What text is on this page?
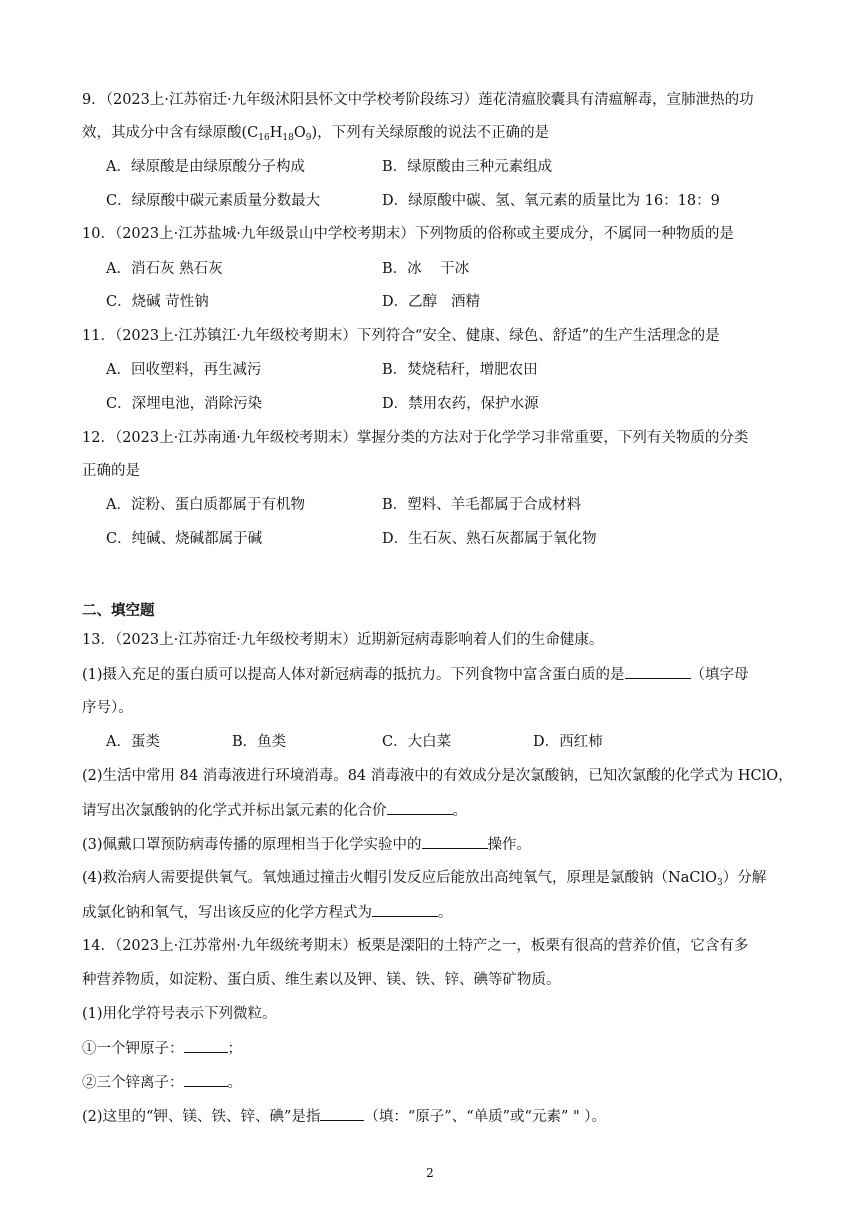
9．（2023上·江苏宿迁·九年级沭阳县怀文中学校考阶段练习）莲花清瘟胶囊具有清瘟解毒，宣肺泄热的功
效，其成分中含有绿原酸$(C_{16}H_{18}O_9)$，下列有关绿原酸的说法不正确的是
A．绿原酸是由绿原酸分子构成	B．绿原酸由三种元素组成
C．绿原酸中碳元素质量分数最大	D．绿原酸中碳、氢、氧元素的质量比为 16：18：9
10．（2023上·江苏盐城·九年级景山中学校考期末）下列物质的俗称或主要成分，不属同一种物质的是
A．消石灰 熟石灰	B．冰    干冰
C．烧碱 苛性钠	D．乙醇   酒精
11．（2023上·江苏镇江·九年级校考期末）下列符合“安全、健康、绿色、舒适”的生产生活理念的是
A．回收塑料，再生减污	B．焚烧秸秆，增肥农田
C．深埋电池，消除污染	D．禁用农药，保护水源
12．（2023上·江苏南通·九年级校考期末）掌握分类的方法对于化学学习非常重要，下列有关物质的分类
正确的是
A．淀粉、蛋白质都属于有机物	B．塑料、羊毛都属于合成材料
C．纯碱、烧碱都属于碱	D．生石灰、熟石灰都属于氧化物
二、填空题
13．（2023上·江苏宿迁·九年级校考期末）近期新冠病毒影响着人们的生命健康。
(1)摄入充足的蛋白质可以提高人体对新冠病毒的抵抗力。下列食物中富含蛋白质的是	（填字母
序号）。
A．蛋类	B．鱼类	C．大白菜	D．西红柿
(2)生活中常用 84 消毒液进行环境消毒。84 消毒液中的有效成分是次氯酸钠，已知次氯酸的化学式为 HClO，
请写出次氯酸钠的化学式并标出氯元素的化合价	。
(3)佩戴口罩预防病毒传播的原理相当于化学实验中的	操作。
(4)救治病人需要提供氧气。氧烛通过撞击火帽引发反应后能放出高纯氧气，原理是氯酸钠（NaClO$_3$）分解
成氯化钠和氧气，写出该反应的化学方程式为	。
14．（2023上·江苏常州·九年级统考期末）板栗是溧阳的土特产之一，板栗有很高的营养价值，它含有多
种营养物质，如淀粉、蛋白质、维生素以及钾、镁、铁、锌、碘等矿物质。
(1)用化学符号表示下列微粒。
①一个钾原子：	；
②三个锌离子：	。
(2)这里的“钾、镁、铁、锌、碘”是指	（填：“原子”、“单质”或“元素” " ）。
2
